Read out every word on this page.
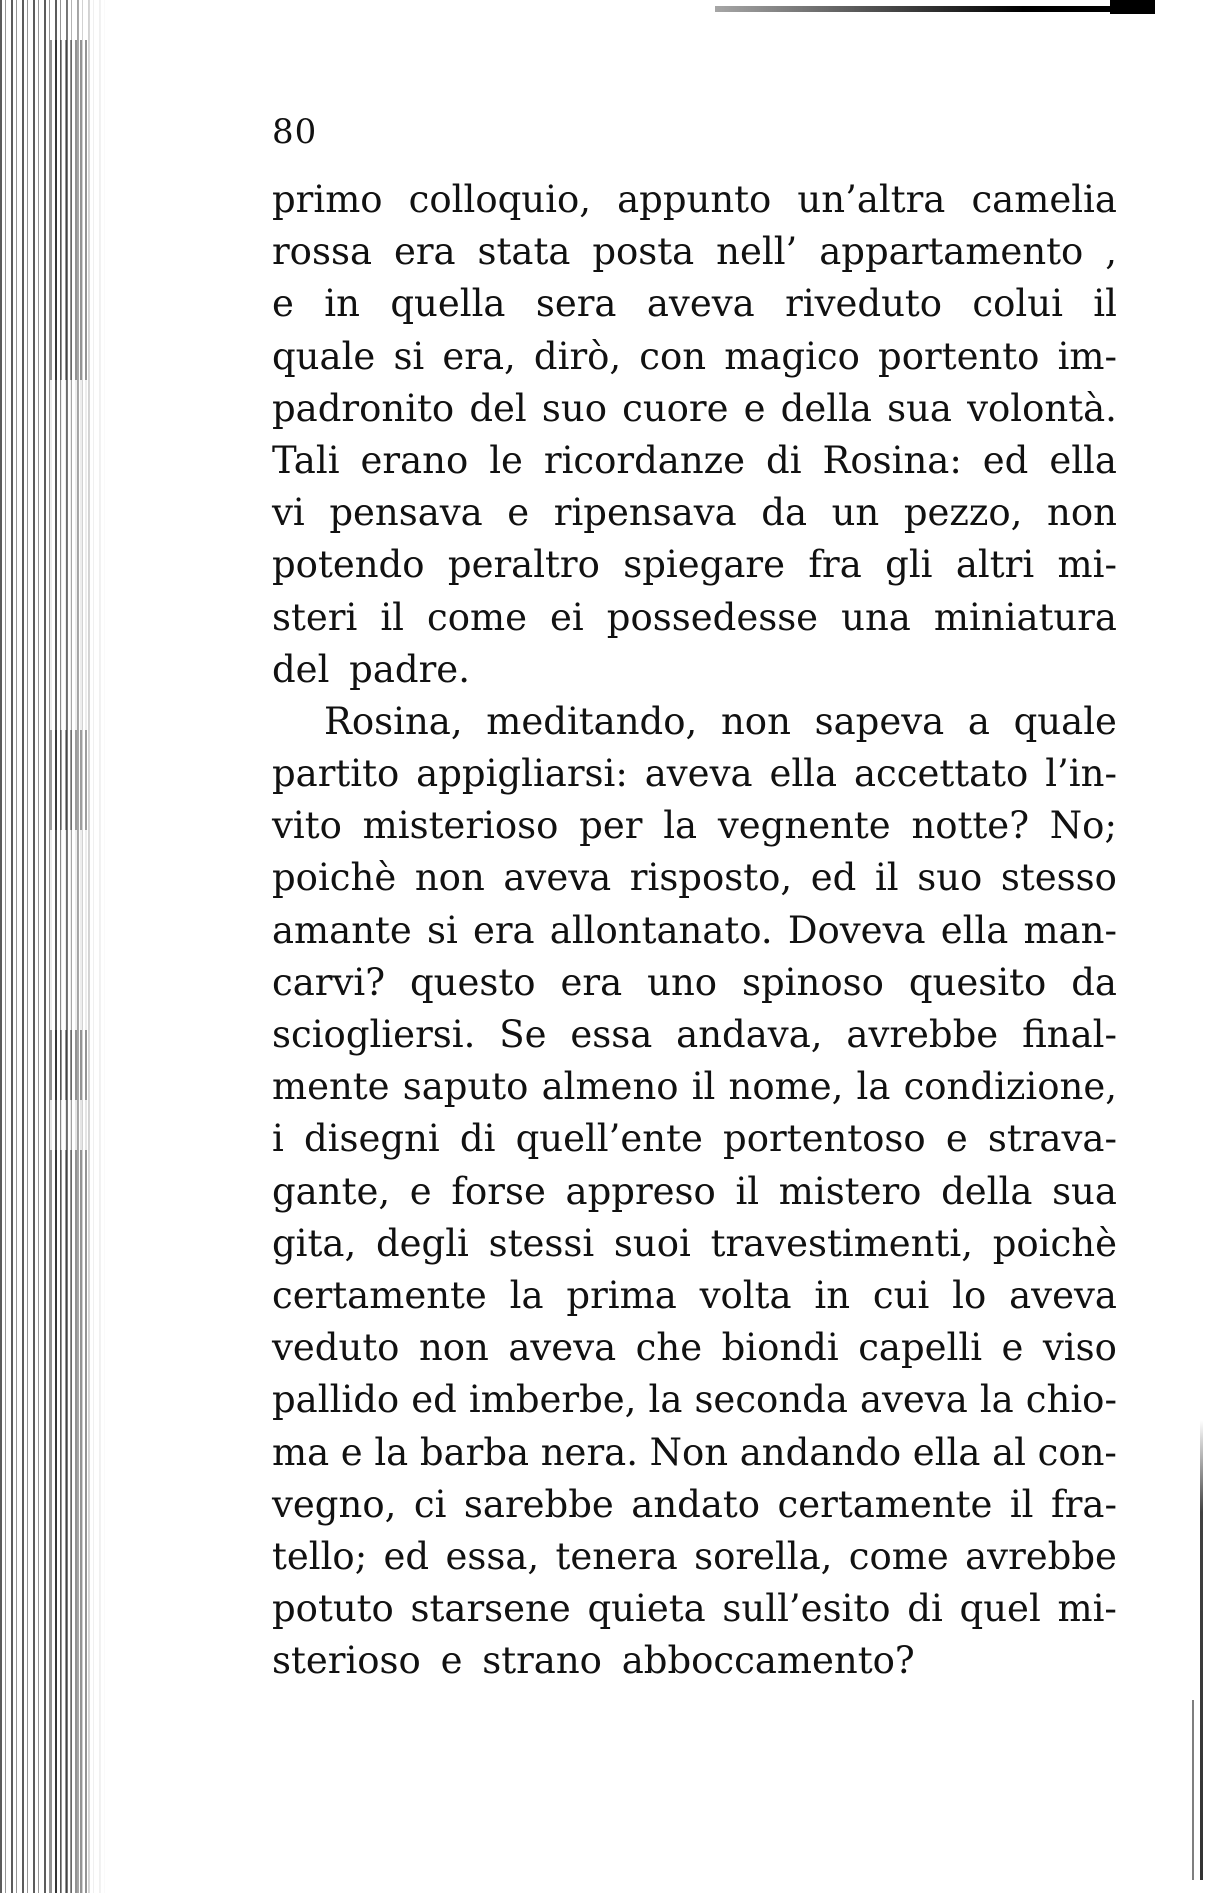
80
primo colloquio, appunto un’altra camelia
rossa era stata posta nell’ appartamento ,
e in quella sera aveva riveduto colui il
quale si era, dirò, con magico portento im-
padronito del suo cuore e della sua volontà.
Tali erano le ricordanze di Rosina: ed ella
vi pensava e ripensava da un pezzo, non
potendo peraltro spiegare fra gli altri mi-
steri il come ei possedesse una miniatura
del padre.
Rosina, meditando, non sapeva a quale
partito appigliarsi: aveva ella accettato l’in-
vito misterioso per la vegnente notte? No;
poichè non aveva risposto, ed il suo stesso
amante si era allontanato. Doveva ella man-
carvi? questo era uno spinoso quesito da
sciogliersi. Se essa andava, avrebbe final-
mente saputo almeno il nome, la condizione,
i disegni di quell’ente portentoso e strava-
gante, e forse appreso il mistero della sua
gita, degli stessi suoi travestimenti, poichè
certamente la prima volta in cui lo aveva
veduto non aveva che biondi capelli e viso
pallido ed imberbe, la seconda aveva la chio-
ma e la barba nera. Non andando ella al con-
vegno, ci sarebbe andato certamente il fra-
tello; ed essa, tenera sorella, come avrebbe
potuto starsene quieta sull’esito di quel mi-
sterioso e strano abboccamento?
